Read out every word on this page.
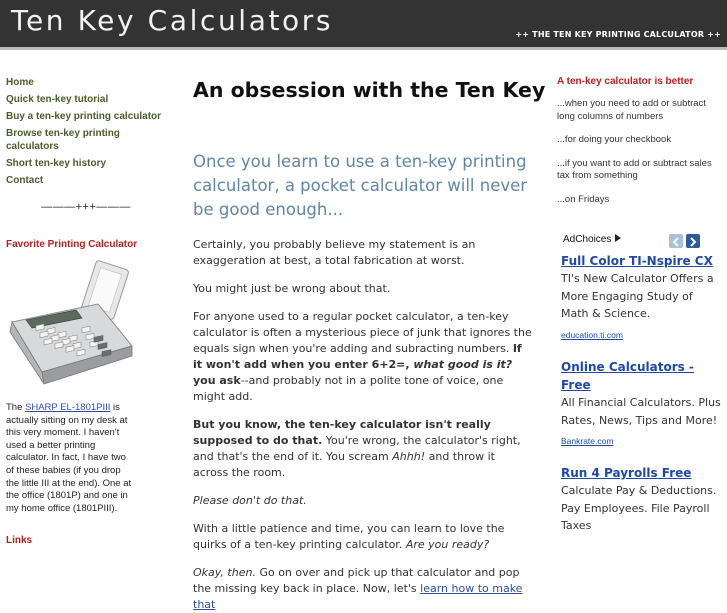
Ten Key Calculators	++ THE TEN KEY PRINTING CALCULATOR ++
Home
Quick ten-key tutorial
Buy a ten-key printing calculator
Browse ten-key printing calculators
Short ten-key history
Contact
———+++———
Favorite Printing Calculator
The SHARP EL-1801PIII is actually sitting on my desk at this very moment. I haven't used a better printing calculator. In fact, I have two of these babies (if you drop the little III at the end). One at the office (1801P) and one in my home office (1801PIII).
Links
An obsession with the Ten Key
Once you learn to use a ten-key printing calculator, a pocket calculator will never be good enough...

Certainly, you probably believe my statement is an exaggeration at best, a total fabrication at worst.

You might just be wrong about that.

For anyone used to a regular pocket calculator, a ten-key calculator is often a mysterious piece of junk that ignores the equals sign when you're adding and subracting numbers. If it won't add when you enter 6+2=, what good is it? you ask--and probably not in a polite tone of voice, one might add.

But you know, the ten-key calculator isn't really supposed to do that. You're wrong, the calculator's right, and that's the end of it. You scream Ahhh! and throw it across the room.

Please don't do that.

With a little patience and time, you can learn to love the quirks of a ten-key printing calculator. Are you ready?

Okay, then. Go on over and pick up that calculator and pop the missing key back in place. Now, let's learn how to make that

A ten-key calculator is better
...when you need to add or subtract long columns of numbers
...for doing your checkbook
...if you want to add or subtract sales tax from something
...on Fridays
AdChoices
Full Color TI-Nspire CX
TI's New Calculator Offers a More Engaging Study of Math & Science.
education.ti.com
Online Calculators - Free
All Financial Calculators. Plus Rates, News, Tips and More!
Bankrate.com
Run 4 Payrolls Free
Calculate Pay & Deductions. Pay Employees. File Payroll Taxes
